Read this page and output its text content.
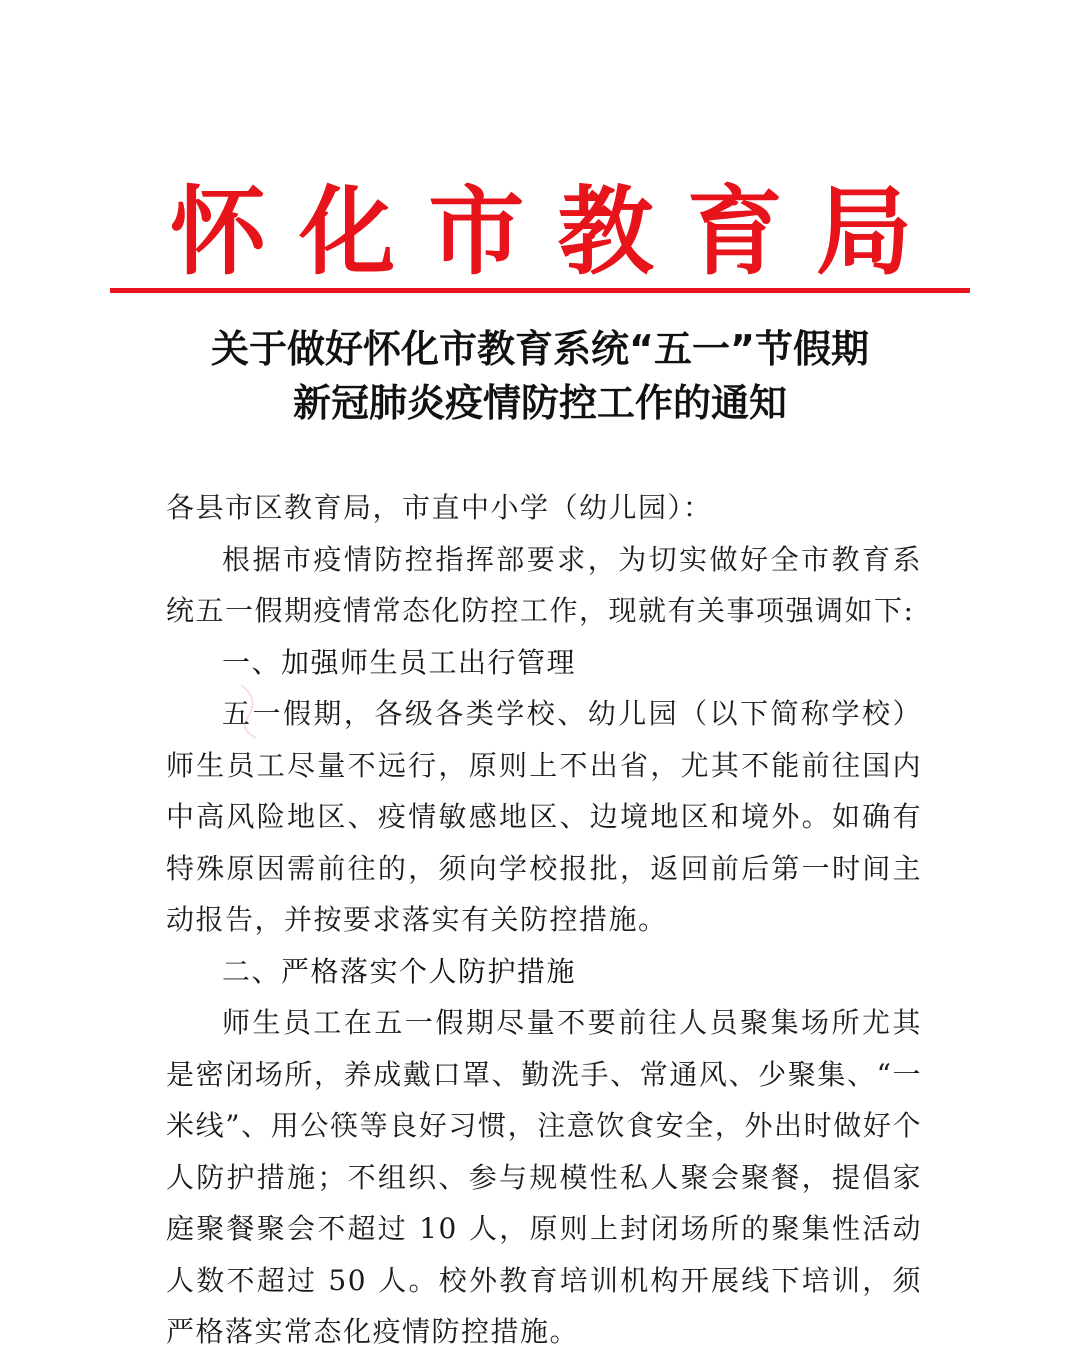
怀 化 市 教 育 局
关于做好怀化市教育系统“五一”节假期
新冠肺炎疫情防控工作的通知

各县市区教育局，市直中小学（幼儿园）：

根据市疫情防控指挥部要求，为切实做好全市教育系统五一假期疫情常态化防控工作，现就有关事项强调如下:

一、加强师生员工出行管理

五一假期，各级各类学校、幼儿园（以下简称学校）师生员工尽量不远行，原则上不出省，尤其不能前往国内中高风险地区、疫情敏感地区、边境地区和境外。如确有特殊原因需前往的，须向学校报批，返回前后第一时间主动报告，并按要求落实有关防控措施。

二、严格落实个人防护措施

师生员工在五一假期尽量不要前往人员聚集场所尤其是密闭场所，养成戴口罩、勤洗手、常通风、少聚集、“一米线”、用公筷等良好习惯，注意饮食安全，外出时做好个人防护措施；不组织、参与规模性私人聚会聚餐，提倡家庭聚餐聚会不超过 10 人，原则上封闭场所的聚集性活动人数不超过 50 人。校外教育培训机构开展线下培训，须严格落实常态化疫情防控措施。
